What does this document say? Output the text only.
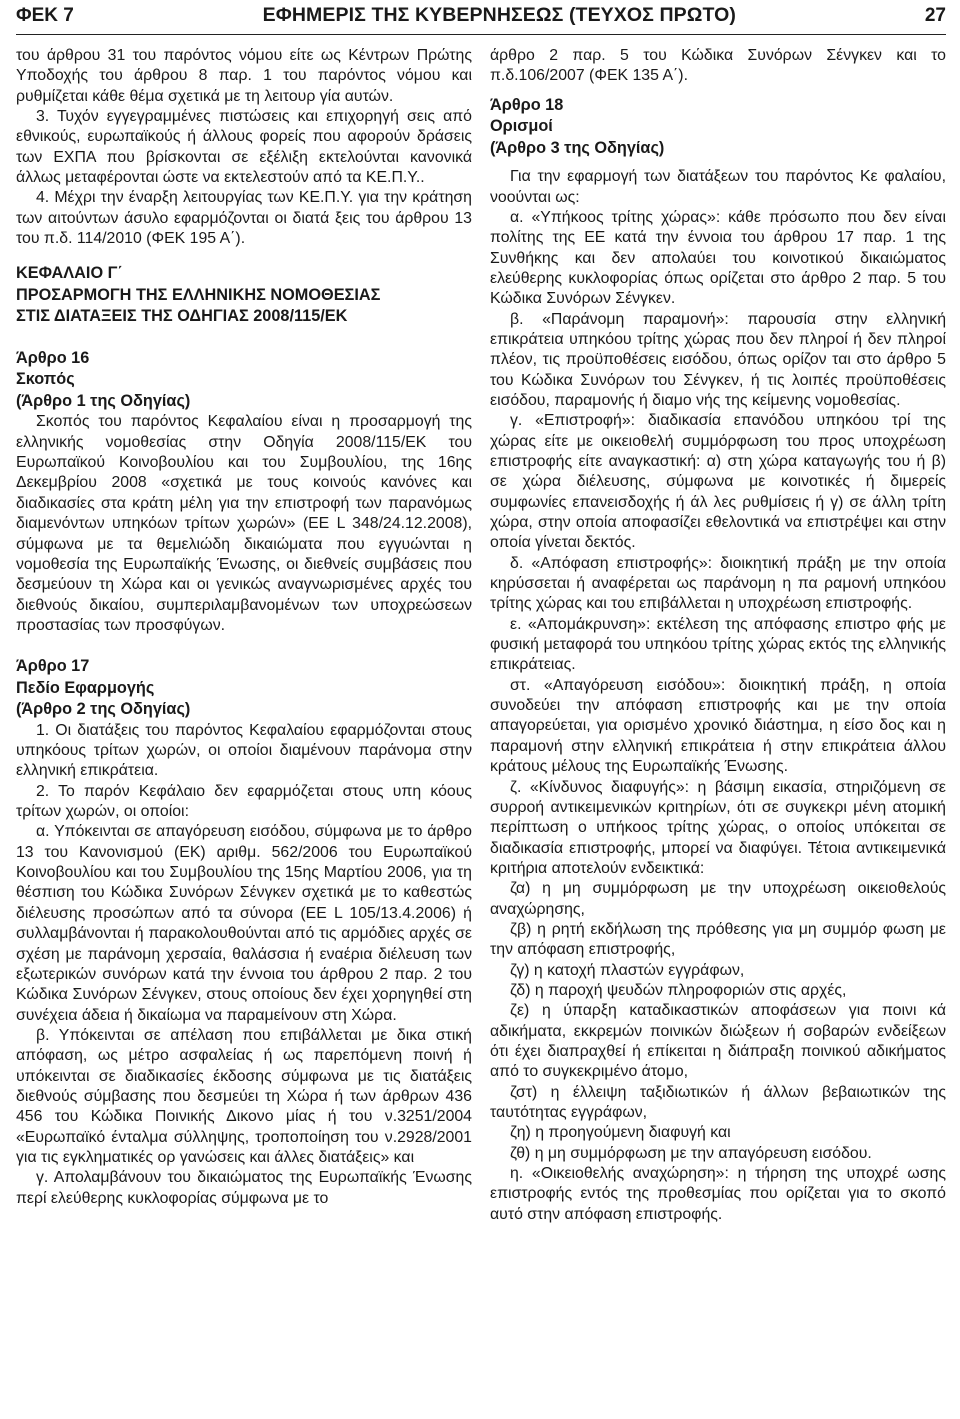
ΦΕΚ 7	ΕΦΗΜΕΡΙΣ ΤΗΣ ΚΥΒΕΡΝΗΣΕΩΣ (ΤΕΥΧΟΣ ΠΡΩΤΟ)	27

του άρθρου 31 του παρόντος νόμου είτε ως Κέντρων Πρώτης Υποδοχής του άρθρου 8 παρ. 1 του παρόντος νόμου και ρυθμίζεται κάθε θέμα σχετικά με τη λειτουρ γία αυτών.

3. Τυχόν εγγεγραμμένες πιστώσεις και επιχορηγή σεις από εθνικούς, ευρωπαϊκούς ή άλλους φορείς που αφορούν δράσεις των ΕΧΠΑ που βρίσκονται σε εξέλιξη εκτελούνται κανονικά άλλως μεταφέρονται ώστε να εκτελεστούν από τα ΚΕ.Π.Υ..

4. Μέχρι την έναρξη λειτουργίας των ΚΕ.Π.Υ. για την κράτηση των αιτούντων άσυλο εφαρμόζονται οι διατά ξεις του άρθρου 13 του π.δ. 114/2010 (ΦΕΚ 195 Α΄).

ΚΕΦΑΛΑΙΟ Γ΄

ΠΡΟΣΑΡΜΟΓΗ ΤΗΣ ΕΛΛΗΝΙΚΗΣ ΝΟΜΟΘΕΣΙΑΣ

ΣΤΙΣ ΔΙΑΤΑΞΕΙΣ ΤΗΣ ΟΔΗΓΙΑΣ 2008/115/ΕΚ

Άρθρο 16

Σκοπός

(Άρθρο 1 της Οδηγίας)

Σκοπός του παρόντος Κεφαλαίου είναι η προσαρμογή της ελληνικής νομοθεσίας στην Οδηγία 2008/115/ΕΚ του Ευρωπαϊκού Κοινοβουλίου και του Συμβουλίου, της 16ης Δεκεμβρίου 2008 «σχετικά με τους κοινούς κανόνες και διαδικασίες στα κράτη μέλη για την επιστροφή των παρανόμως διαμενόντων υπηκόων τρίτων χωρών» (ΕΕ L 348/24.12.2008), σύμφωνα με τα θεμελιώδη δικαιώματα που εγγυώνται η νομοθεσία της Ευρωπαϊκής Ένωσης, οι διεθνείς συμβάσεις που δεσμεύουν τη Χώρα και οι γενικώς αναγνωρισμένες αρχές του διεθνούς δικαίου, συμπεριλαμβανομένων των υποχρεώσεων προστασίας των προσφύγων.

Άρθρο 17

Πεδίο Εφαρμογής

(Άρθρο 2 της Οδηγίας)

1. Οι διατάξεις του παρόντος Κεφαλαίου εφαρμόζονται στους υπηκόους τρίτων χωρών, οι οποίοι διαμένουν παράνομα στην ελληνική επικράτεια.

2. Το παρόν Κεφάλαιο δεν εφαρμόζεται στους υπη κόους τρίτων χωρών, οι οποίοι:

α. Υπόκεινται σε απαγόρευση εισόδου, σύμφωνα με το άρθρο 13 του Κανονισμού (ΕΚ) αριθμ. 562/2006 του Ευρωπαϊκού Κοινοβουλίου και του Συμβουλίου της 15ης Μαρτίου 2006, για τη θέσπιση του Κώδικα Συνόρων Σένγκεν σχετικά με το καθεστώς διέλευσης προσώπων από τα σύνορα (ΕΕ L 105/13.4.2006) ή συλλαμβάνονται ή παρακολουθούνται από τις αρμόδιες αρχές σε σχέση με παράνομη χερσαία, θαλάσσια ή εναέρια διέλευση των εξωτερικών συνόρων κατά την έννοια του άρθρου 2 παρ. 2 του Κώδικα Συνόρων Σένγκεν, στους οποίους δεν έχει χορηγηθεί στη συνέχεια άδεια ή δικαίωμα να παραμείνουν στη Χώρα.

β. Υπόκεινται σε απέλαση που επιβάλλεται με δικα στική απόφαση, ως μέτρο ασφαλείας ή ως παρεπόμενη ποινή ή υπόκεινται σε διαδικασίες έκδοσης σύμφωνα με τις διατάξεις διεθνούς σύμβασης που δεσμεύει τη Χώρα ή των άρθρων 436 456 του Κώδικα Ποινικής Δικονο μίας ή του ν.3251/2004 «Ευρωπαϊκό ένταλμα σύλληψης, τροποποίηση του ν.2928/2001 για τις εγκληματικές ορ γανώσεις και άλλες διατάξεις» και

γ. Απολαμβάνουν του δικαιώματος της Ευρωπαϊκής Ένωσης περί ελεύθερης κυκλοφορίας σύμφωνα με το

άρθρο 2 παρ. 5 του Κώδικα Συνόρων Σένγκεν και το π.δ.106/2007 (ΦΕΚ 135 Α΄).

Άρθρο 18

Ορισμοί

(Άρθρο 3 της Οδηγίας)

Για την εφαρμογή των διατάξεων του παρόντος Κε φαλαίου, νοούνται ως:

α. «Υπήκοος τρίτης χώρας»: κάθε πρόσωπο που δεν είναι πολίτης της ΕΕ κατά την έννοια του άρθρου 17 παρ. 1 της Συνθήκης και δεν απολαύει του κοινοτικού δικαιώματος ελεύθερης κυκλοφορίας όπως ορίζεται στο άρθρο 2 παρ. 5 του Κώδικα Συνόρων Σένγκεν.

β. «Παράνομη παραμονή»: παρουσία στην ελληνική επικράτεια υπηκόου τρίτης χώρας που δεν πληροί ή δεν πληροί πλέον, τις προϋποθέσεις εισόδου, όπως ορίζον ται στο άρθρο 5 του Κώδικα Συνόρων του Σένγκεν, ή τις λοιπές προϋποθέσεις εισόδου, παραμονής ή διαμο νής της κείμενης νομοθεσίας.

γ. «Επιστροφή»: διαδικασία επανόδου υπηκόου τρί της χώρας είτε με οικειοθελή συμμόρφωση του προς υποχρέωση επιστροφής είτε αναγκαστική: α) στη χώρα καταγωγής του ή β) σε χώρα διέλευσης, σύμφωνα με κοινοτικές ή διμερείς συμφωνίες επανεισδοχής ή άλ λες ρυθμίσεις ή γ) σε άλλη τρίτη χώρα, στην οποία αποφασίζει εθελοντικά να επιστρέψει και στην οποία γίνεται δεκτός.

δ. «Απόφαση επιστροφής»: διοικητική πράξη με την οποία κηρύσσεται ή αναφέρεται ως παράνομη η πα ραμονή υπηκόου τρίτης χώρας και του επιβάλλεται η υποχρέωση επιστροφής.

ε. «Απομάκρυνση»: εκτέλεση της απόφασης επιστρο φής με φυσική μεταφορά του υπηκόου τρίτης χώρας εκτός της ελληνικής επικράτειας.

στ. «Απαγόρευση εισόδου»: διοικητική πράξη, η οποία συνοδεύει την απόφαση επιστροφής και με την οποία απαγορεύεται, για ορισμένο χρονικό διάστημα, η είσο δος και η παραμονή στην ελληνική επικράτεια ή στην επικράτεια άλλου κράτους μέλους της Ευρωπαϊκής Ένωσης.

ζ. «Κίνδυνος διαφυγής»: η βάσιμη εικασία, στηριζόμενη σε συρροή αντικειμενικών κριτηρίων, ότι σε συγκεκρι μένη ατομική περίπτωση ο υπήκοος τρίτης χώρας, ο οποίος υπόκειται σε διαδικασία επιστροφής, μπορεί να διαφύγει. Τέτοια αντικειμενικά κριτήρια αποτελούν ενδεικτικά:

ζα) η μη συμμόρφωση με την υποχρέωση οικειοθελούς αναχώρησης,

ζβ) η ρητή εκδήλωση της πρόθεσης για μη συμμόρ φωση με την απόφαση επιστροφής,

ζγ) η κατοχή πλαστών εγγράφων,

ζδ) η παροχή ψευδών πληροφοριών στις αρχές,

ζε) η ύπαρξη καταδικαστικών αποφάσεων για ποινι κά αδικήματα, εκκρεμών ποινικών διώξεων ή σοβαρών ενδείξεων ότι έχει διαπραχθεί ή επίκειται η διάπραξη ποινικού αδικήματος από το συγκεκριμένο άτομο,

ζστ) η έλλειψη ταξιδιωτικών ή άλλων βεβαιωτικών της ταυτότητας εγγράφων,

ζη) η προηγούμενη διαφυγή και

ζθ) η μη συμμόρφωση με την απαγόρευση εισόδου.

η. «Οικειοθελής αναχώρηση»: η τήρηση της υποχρέ ωσης επιστροφής εντός της προθεσμίας που ορίζεται για το σκοπό αυτό στην απόφαση επιστροφής.
